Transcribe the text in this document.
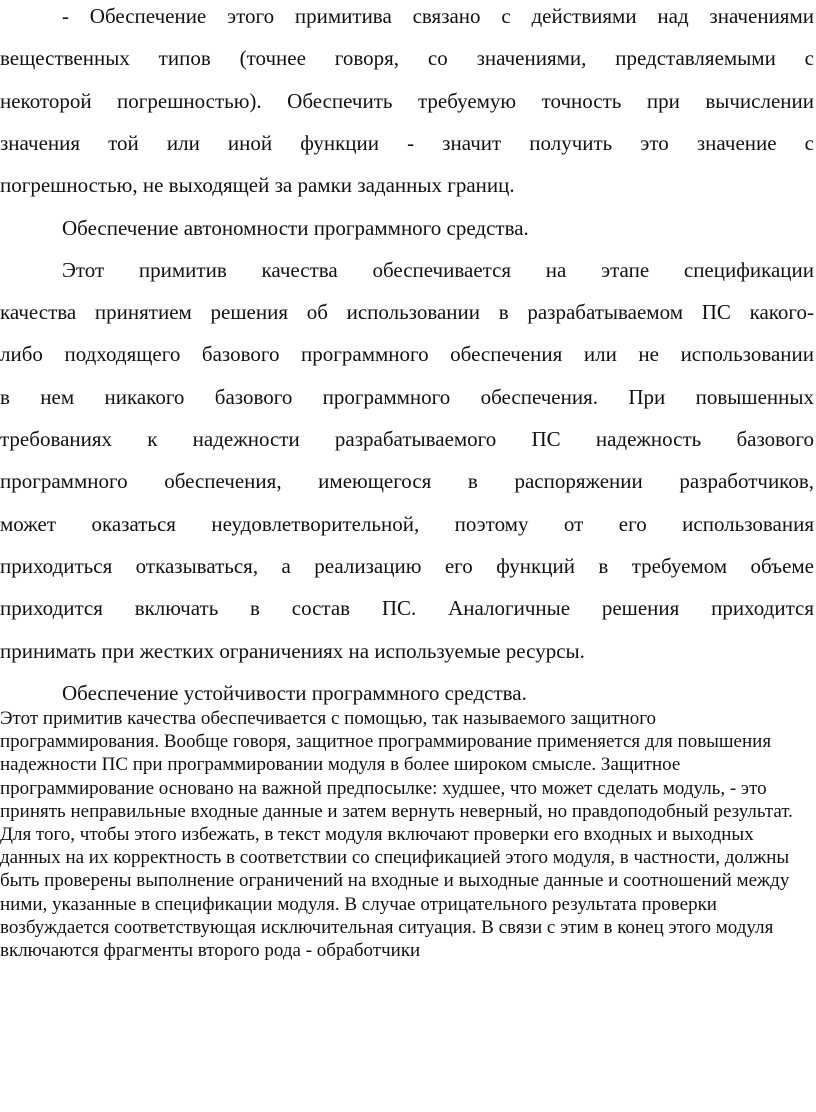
- Обеспечение этого примитива связано с действиями над значениями
вещественных типов (точнее говоря, со значениями, представляемыми с
некоторой погрешностью). Обеспечить требуемую точность при вычислении
значения той или иной функции - значит получить это значение с
погрешностью, не выходящей за рамки заданных границ.
Обеспечение автономности программного средства.
Этот примитив качества обеспечивается на этапе спецификации
качества принятием решения об использовании в разрабатываемом ПС какого-
либо подходящего базового программного обеспечения или не использовании
в нем никакого базового программного обеспечения. При повышенных
требованиях к надежности разрабатываемого ПС надежность базового
программного обеспечения, имеющегося в распоряжении разработчиков,
может оказаться неудовлетворительной, поэтому от его использования
приходиться отказываться, а реализацию его функций в требуемом объеме
приходится включать в состав ПС. Аналогичные решения приходится
принимать при жестких ограничениях на используемые ресурсы.
Обеспечение устойчивости программного средства.

Этот примитив качества обеспечивается с помощью, так называемого защитного программирования. Вообще говоря, защитное программирование применяется для повышения надежности ПС при программировании модуля в более широком смысле. Защитное программирование основано на важной предпосылке: худшее, что может сделать модуль, - это принять неправильные входные данные и затем вернуть неверный, но правдоподобный результат. Для того, чтобы этого избежать, в текст модуля включают проверки его входных и выходных данных на их корректность в соответствии со спецификацией этого модуля, в частности, должны быть проверены выполнение ограничений на входные и выходные данные и соотношений между ними, указанные в спецификации модуля. В случае отрицательного результата проверки возбуждается соответствующая исключительная ситуация. В связи с этим в конец этого модуля включаются фрагменты второго рода - обработчики
